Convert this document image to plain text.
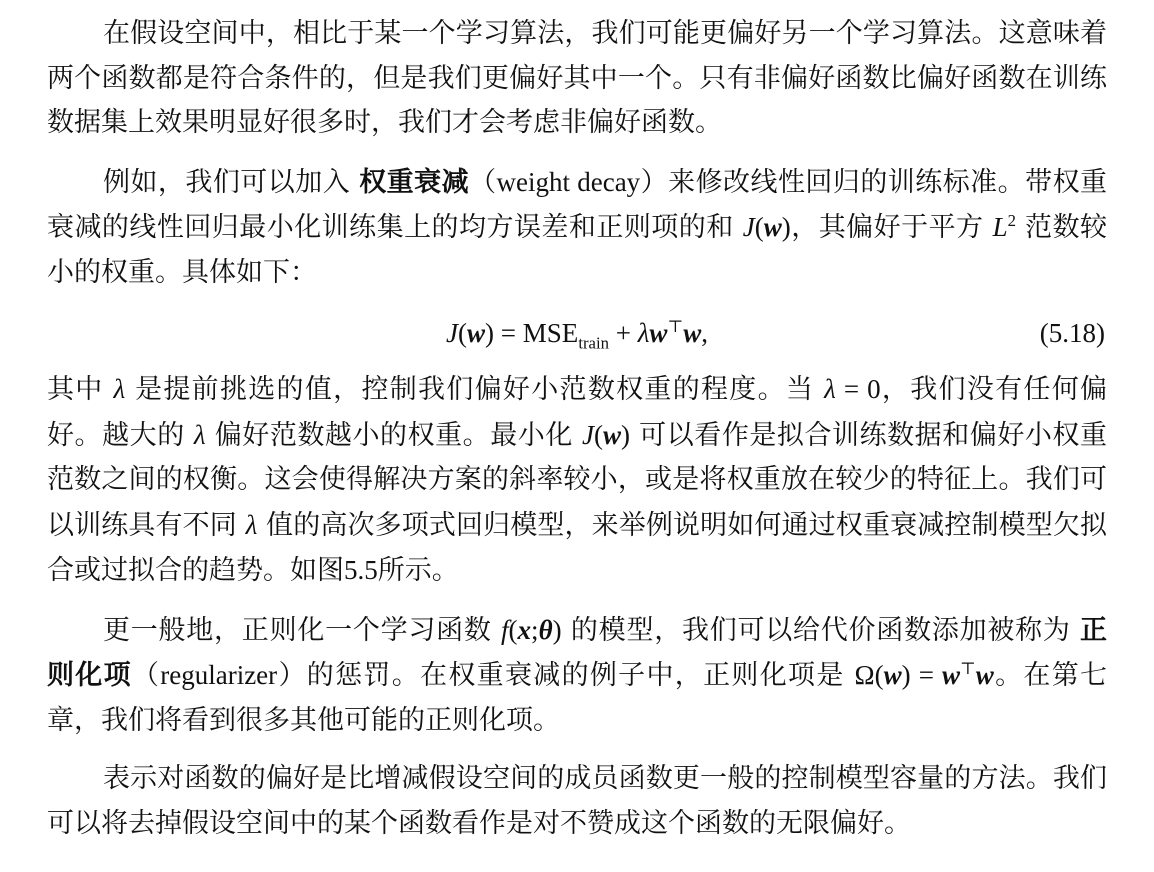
在假设空间中，相比于某一个学习算法，我们可能更偏好另一个学习算法。这意味着两个函数都是符合条件的，但是我们更偏好其中一个。只有非偏好函数比偏好函数在训练数据集上效果明显好很多时，我们才会考虑非偏好函数。

例如，我们可以加入 权重衰减（weight decay）来修改线性回归的训练标准。带权重衰减的线性回归最小化训练集上的均方误差和正则项的和 J(w)，其偏好于平方 $L^2$ 范数较小的权重。具体如下：

$J(w) = MSE_{train} + \lambda w^⊤w$,	(5.18)

其中 λ 是提前挑选的值，控制我们偏好小范数权重的程度。当 λ = 0，我们没有任何偏好。越大的 λ 偏好范数越小的权重。最小化 J(w) 可以看作是拟合训练数据和偏好小权重范数之间的权衡。这会使得解决方案的斜率较小，或是将权重放在较少的特征上。我们可以训练具有不同 λ 值的高次多项式回归模型，来举例说明如何通过权重衰减控制模型欠拟合或过拟合的趋势。如图5.5所示。

更一般地，正则化一个学习函数 f(x;θ) 的模型，我们可以给代价函数添加被称为 正则化项（regularizer）的惩罚。在权重衰减的例子中，正则化项是 Ω(w) = w⊤w。在第七章，我们将看到很多其他可能的正则化项。

表示对函数的偏好是比增减假设空间的成员函数更一般的控制模型容量的方法。我们可以将去掉假设空间中的某个函数看作是对不赞成这个函数的无限偏好。
